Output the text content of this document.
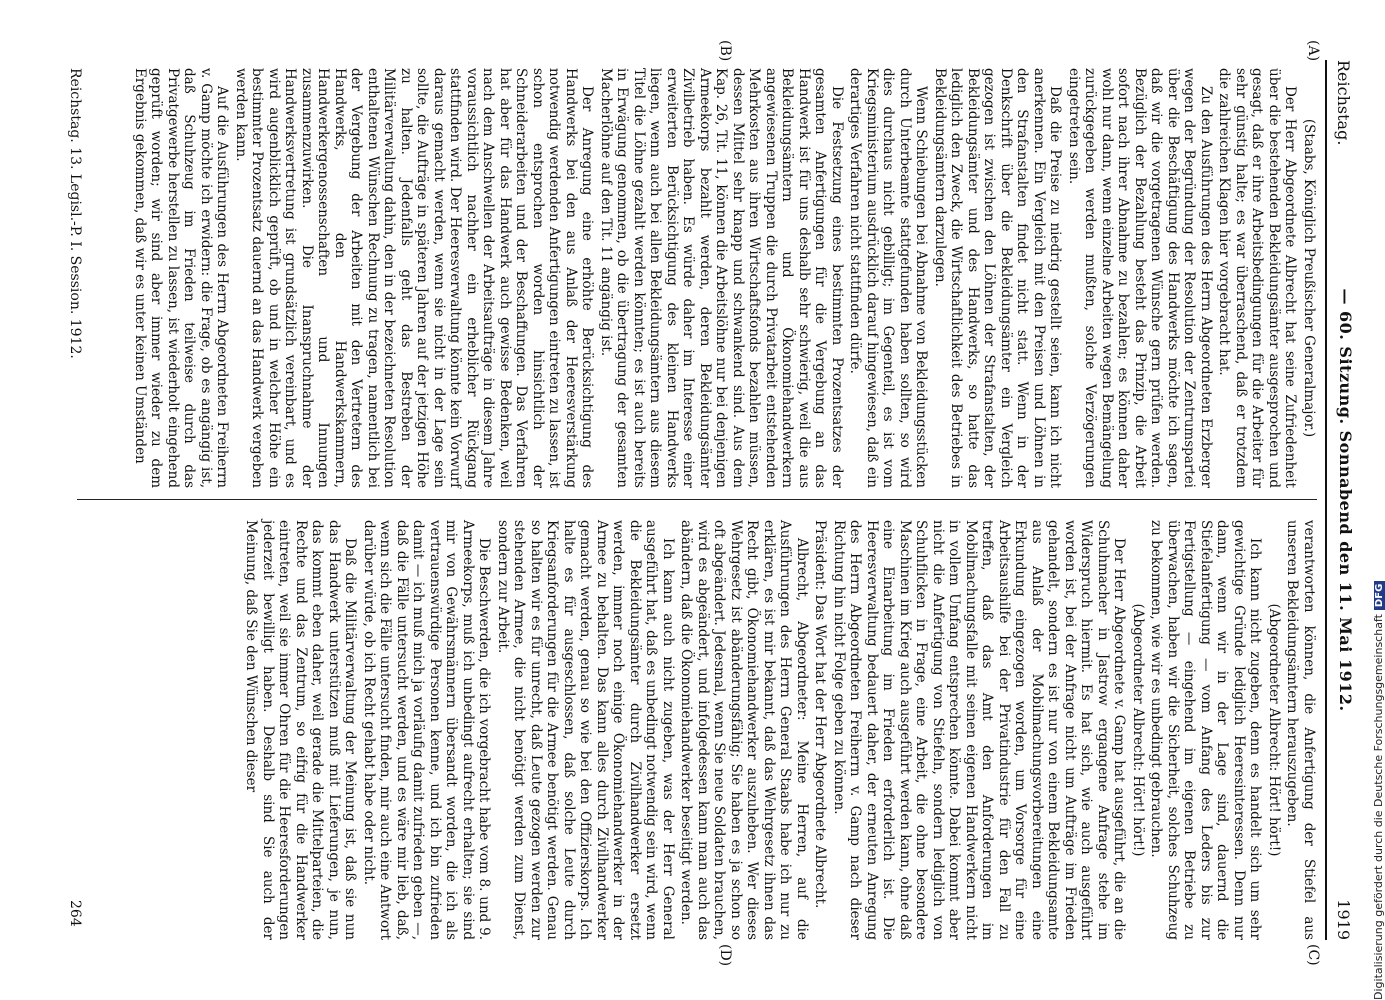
Reichstag.
— 60. Sitzung. Sonnabend den 11. Mai 1912.
1919
(A)
(B)
(C)
(D)

(Staabs, Königlich Preußischer Generalmajor.)

Der Herr Abgeordnete Albrecht hat seine Zufriedenheit über die bestehenden Bekleidungsämter ausgesprochen und gesagt, daß er ihre Arbeitsbedingungen für die Arbeiter für sehr günstig halte; es war überraschend, daß er trotzdem die zahlreichen Klagen hier vorgebracht hat.

Zu den Ausführungen des Herrn Abgeordneten Erzberger wegen der Begründung der Resolution der Zentrumspartei über die Beschäftigung des Handwerks möchte ich sagen, daß wir die vorgetragenen Wünsche gern prüfen werden. Bezüglich der Bezahlung besteht das Prinzip, die Arbeit sofort nach ihrer Abnahme zu bezahlen; es können daher wohl nur dann, wenn einzelne Arbeiten wegen Bemängelung zurückgegeben werden mußten, solche Verzögerungen eingetreten sein.

Daß die Preise zu niedrig gestellt seien, kann ich nicht anerkennen. Ein Vergleich mit den Preisen und Löhnen in den Strafanstalten findet nicht statt. Wenn in der Denkschrift über die Bekleidungsämter ein Vergleich gezogen ist zwischen den Löhnen der Strafanstalten, der Bekleidungsämter und des Handwerks, so hatte das lediglich den Zweck, die Wirtschaftlichkeit des Betriebes in Bekleidungsämtern darzulegen.

Wenn Schiebungen bei Abnahme von Bekleidungsstücken durch Unterbeamte stattgefunden haben sollten, so wird dies durchaus nicht gebilligt; im Gegenteil, es ist vom Kriegsministerium ausdrücklich darauf hingewiesen, daß ein derartiges Verfahren nicht stattfinden dürfe.

Die Festsetzung eines bestimmten Prozentsatzes der gesamten Anfertigungen für die Vergebung an das Handwerk ist für uns deshalb sehr schwierig, weil die aus Bekleidungsämtern und Ökonomiehandwerkern angewiesenen Truppen die durch Privatarbeit entstehenden Mehrkosten aus ihren Wirtschaftsfonds bezahlen müssen, dessen Mittel sehr knapp und schwankend sind. Aus dem Kap. 26, Tit. 11, können die Arbeitslöhne nur bei denjenigen Armeekorps bezahlt werden, deren Bekleidungsämter Zivilbetrieb haben. Es würde daher im Interesse einer erweiterten Berücksichtigung des kleinen Handwerks liegen, wenn auch bei allen Bekleidungsämtern aus diesem Titel die Löhne gezahlt werden könnten; es ist auch bereits in Erwägung genommen, ob die übertragung der gesamten Macherlöhne auf den Tit. 11 angängig ist.

Der Anregung eine erhöhte Berücksichtigung des Handwerks bei den aus Anlaß der Heeresverstärkung notwendig werdenden Anfertigungen eintreten zu lassen, ist schon entsprochen worden hinsichtlich der Schneiderarbeiten und der Beschaffungen. Das Verfahren hat aber für das Handwerk auch gewisse Bedenken, weil nach dem Anschwellen der Arbeitsaufträge in diesem Jahre voraussichtlich nachher ein erheblicher Rückgang stattfinden wird. Der Heeresverwaltung könnte kein Vorwurf daraus gemacht werden, wenn sie nicht in der Lage sein sollte, die Aufträge in späteren Jahren auf der jetzigen Höhe zu halten. Jedenfalls geht das Bestreben der Militärverwaltung dahin, den in der bezeichneten Resolution enthaltenen Wünschen Rechnung zu tragen, namentlich bei der Vergebung der Arbeiten mit den Vertretern des Handwerks, den Handwerkskammern, Handwerkergenossenschaften und Innungen zusammenzuwirken. Die Inanspruchnahme der Handwerksvertretung ist grundsätzlich vereinbart, und es wird augenblicklich geprüft, ob und in welcher Höhe ein bestimmter Prozentsatz dauernd an das Handwerk vergeben werden kann.

Auf die Ausführungen des Herrn Abgeordneten Freiherrn v. Gamp möchte ich erwidern: die Frage, ob es angängig ist, daß Schuhzeug im Frieden teilweise durch das Privatgewerbe herstellen zu lassen, ist wiederholt eingehend geprüft worden; wir sind aber immer wieder zu dem Ergebnis gekommen, daß wir es unter keinen Umständen

verantworten können, die Anfertigung der Stiefel aus unseren Bekleidungsämtern herauszugeben.

(Abgeordneter Albrecht: Hört! hört!)

Ich kann nicht zugeben, denn es handelt sich um sehr gewichtige Gründe lediglich Heeresinteressen. Denn nur dann, wenn wir in der Lage sind, dauernd die Stiefelanfertigung — vom Anfang des Leders bis zur Fertigstellung — eingehend im eigenen Betriebe zu überwachen, haben wir die Sicherheit, solches Schuhzeug zu bekommen, wie wir es unbedingt gebrauchen.

(Abgeordneter Albrecht: Hört! hört!)

Der Herr Abgeordnete v. Gamp hat ausgeführt, die an die Schuhmacher in Jastrow ergangene Anfrage stehe im Widerspruch hiermit. Es hat sich, wie auch ausgeführt worden ist, bei der Anfrage nicht um Aufträge im Frieden gehandelt, sondern es ist nur von einem Bekleidungsamte aus Anlaß der Mobilmachungsvorbereitungen eine Erkundung eingezogen worden, um Vorsorge für eine Arbeitsaushilfe bei der Privatindustrie für den Fall zu treffen, daß das Amt den Anforderungen im Mobilmachungsfalle mit seinen eigenen Handwerkern nicht in vollem Umfang entsprechen könnte. Dabei kommt aber nicht die Anfertigung von Stiefeln, sondern lediglich von Schuhflicken in Frage, eine Arbeit, die ohne besondere Maschinen im Krieg auch ausgeführt werden kann, ohne daß eine Einarbeitung im Frieden erforderlich ist. Die Heeresverwaltung bedauert daher, der erneuten Anregung des Herrn Abgeordneten Freiherrn v. Gamp nach dieser Richtung hin nicht Folge geben zu können.

Präsident: Das Wort hat der Herr Abgeordnete Albrecht.

Albrecht, Abgeordneter: Meine Herren, auf die Ausführungen des Herrn General Staabs habe ich nur zu erklären, es ist mir bekannt, daß das Wehrgesetz ihnen das Recht gibt, Ökonomiehandwerker auszuheben. Wer dieses Wehrgesetz ist abänderungsfähig; Sie haben es ja schon so oft abgeändert. Jedesmal, wenn Sie neue Soldaten brauchen, wird es abgeändert, und infolgedessen kann man auch das abändern, daß die Ökonomiehandwerker beseitigt werden.

Ich kann auch nicht zugeben, was der Herr General ausgeführt hat, daß es unbedingt notwendig sein wird, wenn die Bekleidungsämter durch Zivilhandwerker ersetzt werden, immer noch einige Ökonomiehandwerker in der Armee zu behalten. Das kann alles durch Zivilhandwerker gemacht werden, genau so wie bei den Offizierskorps. Ich halte es für ausgeschlossen, daß solche Leute durch Kriegsanforderungen für die Armee benötigt werden. Genau so halten wir es für unrecht, daß Leute gezogen werden zur stehenden Armee, die nicht benötigt werden zum Dienst, sondern zur Arbeit.

Die Beschwerden, die ich vorgebracht habe vom 8. und 9. Armeekorps, muß ich unbedingt aufrecht erhalten; sie sind mir von Gewährsmännern übersandt worden, die ich als vertrauenswürdige Personen kenne, und ich bin zufrieden damit — ich muß mich ja vorläufig damit zufrieden geben —, daß die Fälle untersucht werden, und es wäre mir lieb, daß, wenn sich die Fälle untersucht finden, mir auch eine Antwort darüber würde, ob ich Recht gehabt habe oder nicht.

Daß die Militärverwaltung der Meinung ist, daß sie nun das Handwerk unterstützen muß mit Lieferungen, je nun, das kommt eben daher, weil gerade die Mittelparteien, die Rechte und das Zentrum, so eifrig für die Handwerker eintreten, weil sie immer Ohren für die Heeresforderungen jederzeit bewilligt haben. Deshalb sind Sie auch der Meinung, daß Sie den Wünschen dieser

Reichstag. 13. Legisl.-P. I. Session. 1912.
264	Digitalisierung gefördert durch die Deutsche ForschungsgemeinschaftDFG
